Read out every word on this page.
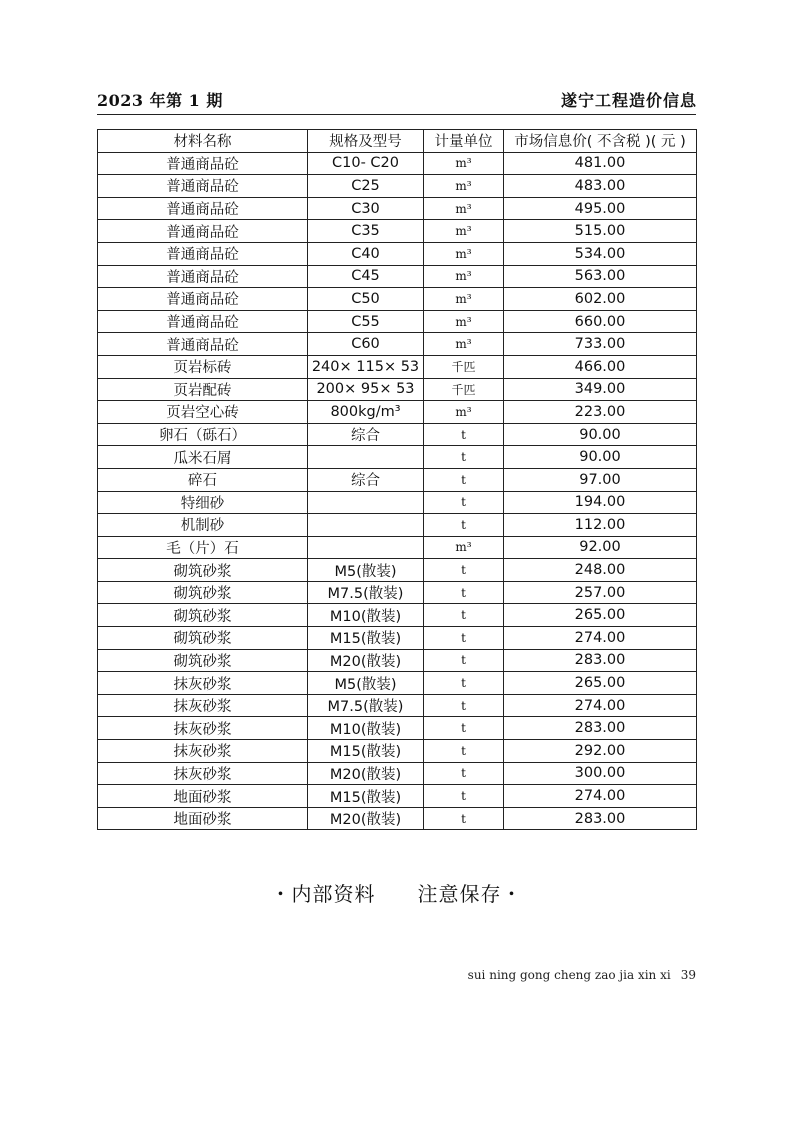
2023 年第 1 期	遂宁工程造价信息
材料名称	规格及型号	计量单位	市场信息价( 不含税 )( 元 )
普通商品砼	C10- C20	m³	481.00
普通商品砼	C25	m³	483.00
普通商品砼	C30	m³	495.00
普通商品砼	C35	m³	515.00
普通商品砼	C40	m³	534.00
普通商品砼	C45	m³	563.00
普通商品砼	C50	m³	602.00
普通商品砼	C55	m³	660.00
普通商品砼	C60	m³	733.00
页岩标砖	240× 115× 53	千匹	466.00
页岩配砖	200× 95× 53	千匹	349.00
页岩空心砖	800kg/m³	m³	223.00
卵石（砾石）	综合	t	90.00
瓜米石屑		t	90.00
碎石	综合	t	97.00
特细砂		t	194.00
机制砂		t	112.00
毛（片）石		m³	92.00
砌筑砂浆	M5(散装)	t	248.00
砌筑砂浆	M7.5(散装)	t	257.00
砌筑砂浆	M10(散装)	t	265.00
砌筑砂浆	M15(散装)	t	274.00
砌筑砂浆	M20(散装)	t	283.00
抹灰砂浆	M5(散装)	t	265.00
抹灰砂浆	M7.5(散装)	t	274.00
抹灰砂浆	M10(散装)	t	283.00
抹灰砂浆	M15(散装)	t	292.00
抹灰砂浆	M20(散装)	t	300.00
地面砂浆	M15(散装)	t	274.00
地面砂浆	M20(散装)	t	283.00
・内部资料　　注意保存・
sui ning gong cheng zao jia xin xi 39
